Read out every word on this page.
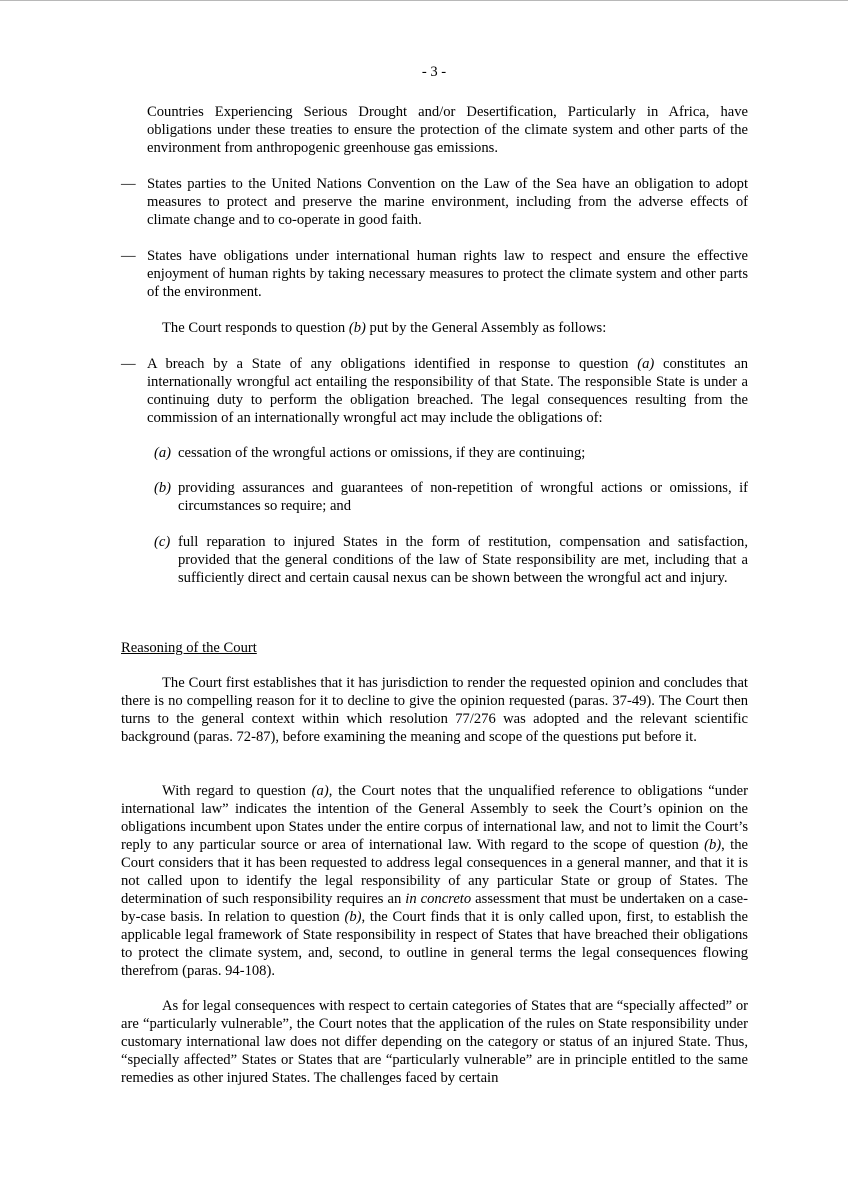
- 3 -

Countries Experiencing Serious Drought and/or Desertification, Particularly in Africa, have obligations under these treaties to ensure the protection of the climate system and other parts of the environment from anthropogenic greenhouse gas emissions.

— States parties to the United Nations Convention on the Law of the Sea have an obligation to adopt measures to protect and preserve the marine environment, including from the adverse effects of climate change and to co-operate in good faith.

— States have obligations under international human rights law to respect and ensure the effective enjoyment of human rights by taking necessary measures to protect the climate system and other parts of the environment.

The Court responds to question (b) put by the General Assembly as follows:

— A breach by a State of any obligations identified in response to question (a) constitutes an internationally wrongful act entailing the responsibility of that State. The responsible State is under a continuing duty to perform the obligation breached. The legal consequences resulting from the commission of an internationally wrongful act may include the obligations of:

(a) cessation of the wrongful actions or omissions, if they are continuing;

(b) providing assurances and guarantees of non-repetition of wrongful actions or omissions, if circumstances so require; and

(c) full reparation to injured States in the form of restitution, compensation and satisfaction, provided that the general conditions of the law of State responsibility are met, including that a sufficiently direct and certain causal nexus can be shown between the wrongful act and injury.

Reasoning of the Court

The Court first establishes that it has jurisdiction to render the requested opinion and concludes that there is no compelling reason for it to decline to give the opinion requested (paras. 37-49). The Court then turns to the general context within which resolution 77/276 was adopted and the relevant scientific background (paras. 72-87), before examining the meaning and scope of the questions put before it.

With regard to question (a), the Court notes that the unqualified reference to obligations “under international law” indicates the intention of the General Assembly to seek the Court’s opinion on the obligations incumbent upon States under the entire corpus of international law, and not to limit the Court’s reply to any particular source or area of international law. With regard to the scope of question (b), the Court considers that it has been requested to address legal consequences in a general manner, and that it is not called upon to identify the legal responsibility of any particular State or group of States. The determination of such responsibility requires an in concreto assessment that must be undertaken on a case-by-case basis. In relation to question (b), the Court finds that it is only called upon, first, to establish the applicable legal framework of State responsibility in respect of States that have breached their obligations to protect the climate system, and, second, to outline in general terms the legal consequences flowing therefrom (paras. 94-108).

As for legal consequences with respect to certain categories of States that are “specially affected” or are “particularly vulnerable”, the Court notes that the application of the rules on State responsibility under customary international law does not differ depending on the category or status of an injured State. Thus, “specially affected” States or States that are “particularly vulnerable” are in principle entitled to the same remedies as other injured States. The challenges faced by certain
